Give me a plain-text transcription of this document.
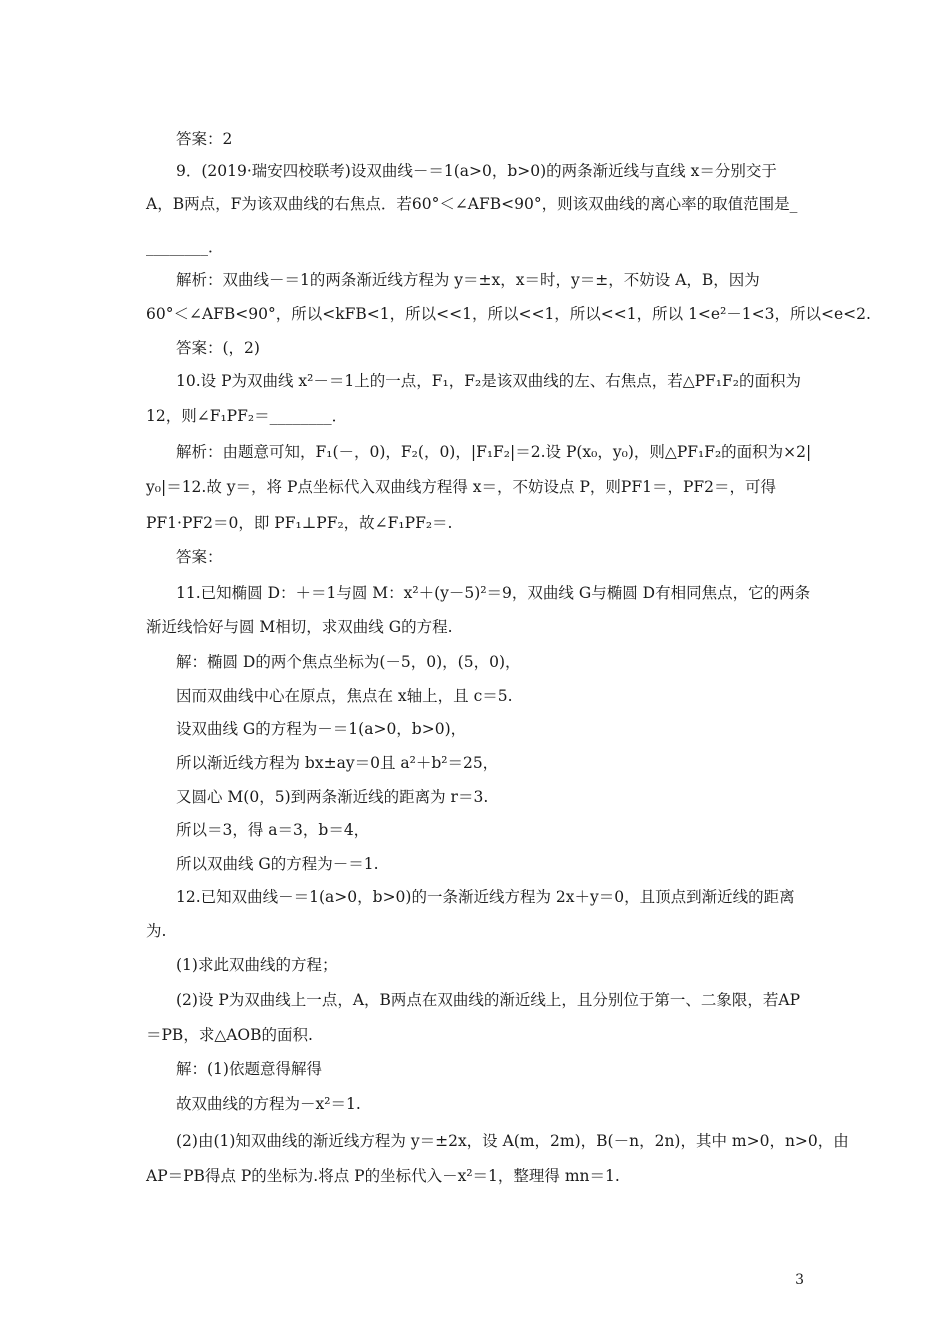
答案：2
9．(2019·瑞安四校联考)设双曲线－＝1(a>0，b>0)的两条渐近线与直线 x＝分别交于
A，B两点，F为该双曲线的右焦点．若60°＜∠AFB<90°，则该双曲线的离心率的取值范围是_
________．
解析：双曲线－＝1的两条渐近线方程为 y＝±x，x＝时，y＝±，不妨设 A，B，因为
60°＜∠AFB<90°，所以<kFB<1，所以<<1，所以<<1，所以<<1，所以 1<e²－1<3，所以<e<2.
答案：(，2)
10.设 P为双曲线 x²－＝1上的一点，F₁，F₂是该双曲线的左、右焦点，若△PF₁F₂的面积为
12，则∠F₁PF₂＝________．
解析：由题意可知，F₁(－，0)，F₂(，0)，|F₁F₂|＝2.设 P(x₀，y₀)，则△PF₁F₂的面积为×2|
y₀|＝12.故 y＝，将 P点坐标代入双曲线方程得 x＝，不妨设点 P，则PF1＝，PF2＝，可得
PF1·PF2＝0，即 PF₁⊥PF₂，故∠F₁PF₂＝.
答案：
11.已知椭圆 D：＋＝1与圆 M：x²＋(y－5)²＝9，双曲线 G与椭圆 D有相同焦点，它的两条
渐近线恰好与圆 M相切，求双曲线 G的方程.
解：椭圆 D的两个焦点坐标为(－5，0)，(5，0)，
因而双曲线中心在原点，焦点在 x轴上，且 c＝5.
设双曲线 G的方程为－＝1(a>0，b>0)，
所以渐近线方程为 bx±ay＝0且 a²＋b²＝25，
又圆心 M(0，5)到两条渐近线的距离为 r＝3.
所以＝3，得 a＝3，b＝4，
所以双曲线 G的方程为－＝1.
12.已知双曲线－＝1(a>0，b>0)的一条渐近线方程为 2x＋y＝0，且顶点到渐近线的距离
为.
(1)求此双曲线的方程；
(2)设 P为双曲线上一点，A，B两点在双曲线的渐近线上，且分别位于第一、二象限，若AP
＝PB，求△AOB的面积.
解：(1)依题意得解得
故双曲线的方程为－x²＝1.
(2)由(1)知双曲线的渐近线方程为 y＝±2x，设 A(m，2m)，B(－n，2n)，其中 m>0，n>0，由
AP＝PB得点 P的坐标为.将点 P的坐标代入－x²＝1，整理得 mn＝1.
3
